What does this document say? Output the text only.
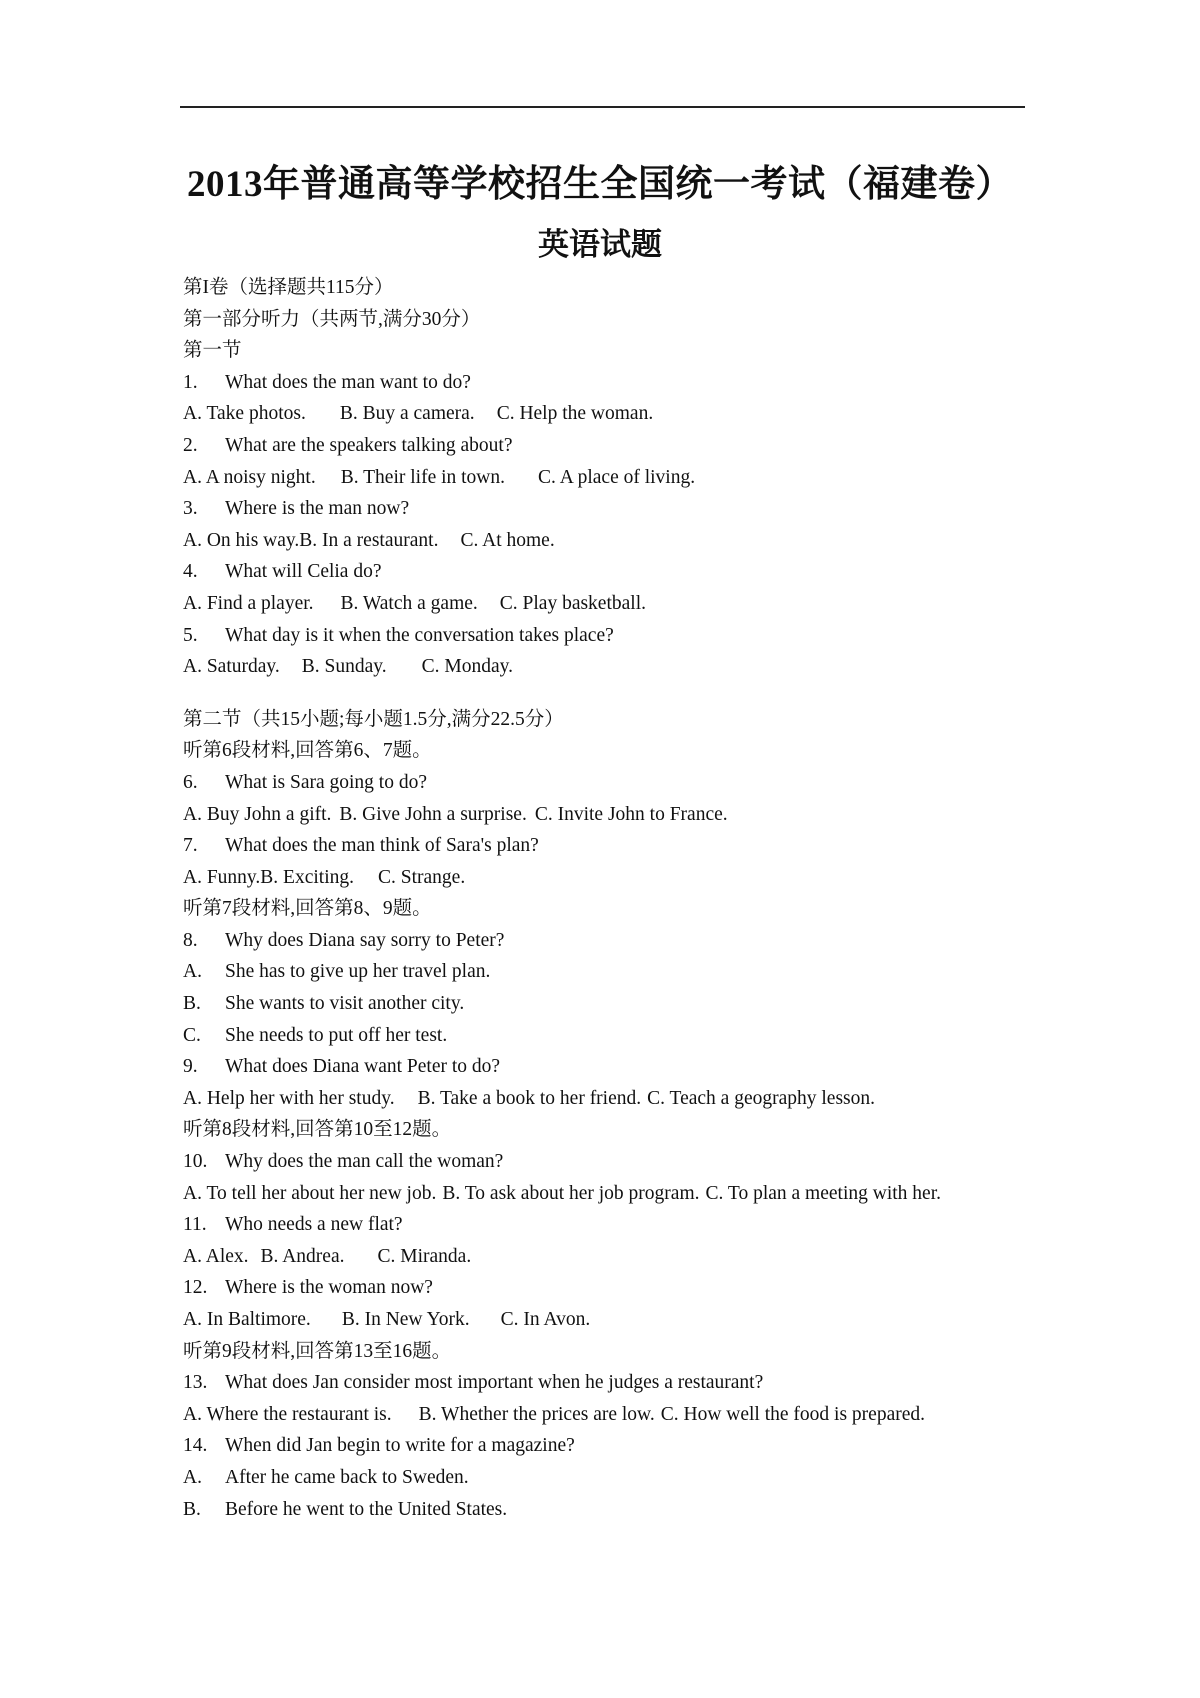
2013年普通高等学校招生全国统一考试（福建卷）
英语试题
第I卷（选择题共115分）
第一部分听力（共两节,满分30分）
第一节
1. What does the man want to do?
A. Take photos. B. Buy a camera. C. Help the woman.
2. What are the speakers talking about?
A. A noisy night. B. Their life in town. C. A place of living.
3. Where is the man now?
A. On his way.B. In a restaurant. C. At home.
4. What will Celia do?
A. Find a player. B. Watch a game. C. Play basketball.
5. What day is it when the conversation takes place?
A. Saturday. B. Sunday. C. Monday.
第二节（共15小题;每小题1.5分,满分22.5分）
听第6段材料,回答第6、7题。
6. What is Sara going to do?
A. Buy John a gift. B. Give John a surprise. C. Invite John to France.
7. What does the man think of Sara's plan?
A. Funny.B. Exciting. C. Strange.
听第7段材料,回答第8、9题。
8. Why does Diana say sorry to Peter?
A. She has to give up her travel plan.
B. She wants to visit another city.
C. She needs to put off her test.
9. What does Diana want Peter to do?
A. Help her with her study. B. Take a book to her friend. C. Teach a geography lesson.
听第8段材料,回答第10至12题。
10. Why does the man call the woman?
A. To tell her about her new job. B. To ask about her job program. C. To plan a meeting with her.
11. Who needs a new flat?
A. Alex. B. Andrea. C. Miranda.
12. Where is the woman now?
A. In Baltimore. B. In New York. C. In Avon.
听第9段材料,回答第13至16题。
13. What does Jan consider most important when he judges a restaurant?
A. Where the restaurant is. B. Whether the prices are low. C. How well the food is prepared.
14. When did Jan begin to write for a magazine?
A. After he came back to Sweden.
B. Before he went to the United States.
